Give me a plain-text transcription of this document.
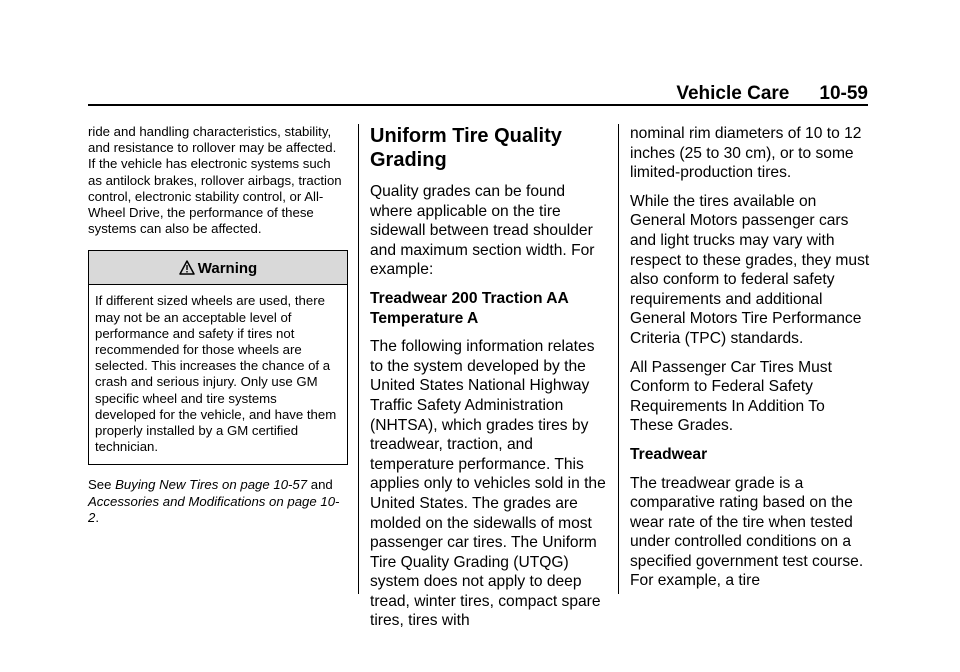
Vehicle Care 10-59

ride and handling characteristics, stability, and resistance to rollover may be affected. If the vehicle has electronic systems such as antilock brakes, rollover airbags, traction control, electronic stability control, or All-Wheel Drive, the performance of these systems can also be affected.

Warning
If different sized wheels are used, there may not be an acceptable level of performance and safety if tires not recommended for those wheels are selected. This increases the chance of a crash and serious injury. Only use GM specific wheel and tire systems developed for the vehicle, and have them properly installed by a GM certified technician.

See Buying New Tires on page 10-57 and Accessories and Modifications on page 10-2.

Uniform Tire Quality Grading

Quality grades can be found where applicable on the tire sidewall between tread shoulder and maximum section width. For example:

Treadwear 200 Traction AA Temperature A

The following information relates to the system developed by the United States National Highway Traffic Safety Administration (NHTSA), which grades tires by treadwear, traction, and temperature performance. This applies only to vehicles sold in the United States. The grades are molded on the sidewalls of most passenger car tires. The Uniform Tire Quality Grading (UTQG) system does not apply to deep tread, winter tires, compact spare tires, tires with

nominal rim diameters of 10 to 12 inches (25 to 30 cm), or to some limited-production tires.

While the tires available on General Motors passenger cars and light trucks may vary with respect to these grades, they must also conform to federal safety requirements and additional General Motors Tire Performance Criteria (TPC) standards.

All Passenger Car Tires Must Conform to Federal Safety Requirements In Addition To These Grades.

Treadwear

The treadwear grade is a comparative rating based on the wear rate of the tire when tested under controlled conditions on a specified government test course. For example, a tire
